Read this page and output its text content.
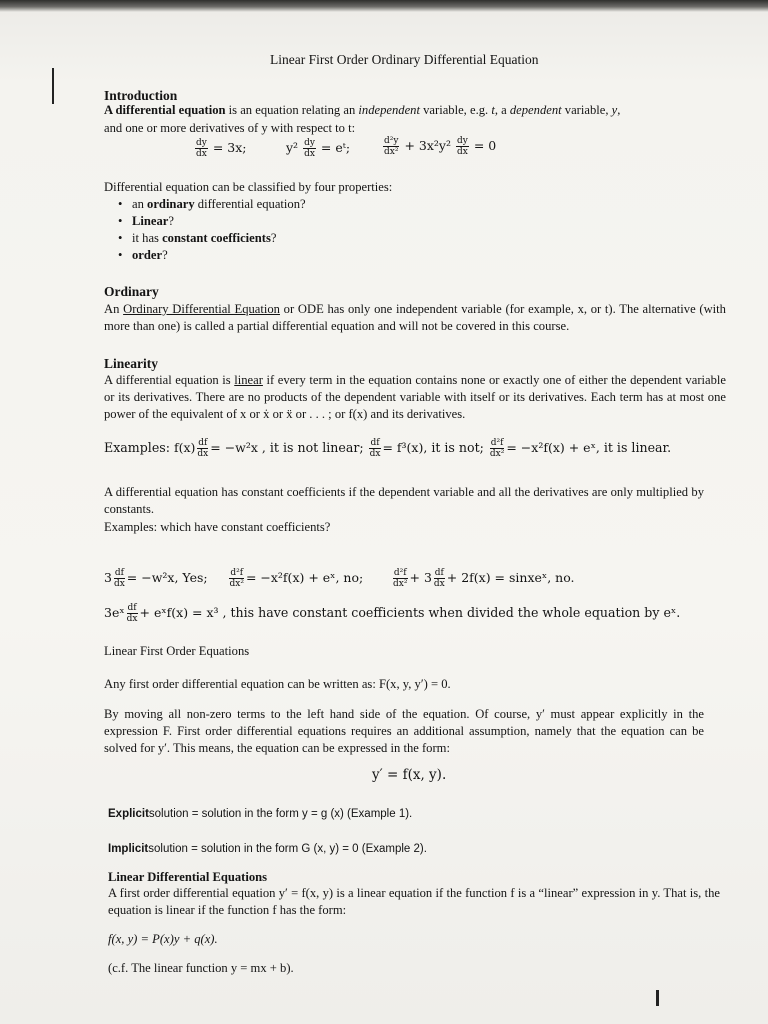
Linear First Order Ordinary Differential Equation
Introduction
A differential equation is an equation relating an independent variable, e.g. t, a dependent variable, y,
and one or more derivatives of y with respect to t:
$\frac{dy}{dx} = 3x$;	$y^2 \frac{dy}{dx}$ = eᵗ;	$\frac{\text{d²y}}{\text{dx²}} + 3x^2y^2 \frac{dy}{dx} = 0$
Differential equation can be classified by four properties:
• an ordinary differential equation?
• Linear?
• it has constant coefficients?
• order?
Ordinary
An Ordinary Differential Equation or ODE has only one independent variable (for example, x, or t). The alternative (with more than one) is called a partial differential equation and will not be covered in this course.
Linearity
A differential equation is linear if every term in the equation contains none or exactly one of either the dependent variable or its derivatives. There are no products of the dependent variable with itself or its derivatives. Each term has at most one power of the equivalent of x or ẋ or ẍ or . . . ; or f(x) and its derivatives.
Examples: $f(x) \frac{df}{dx} = -w^2x$ , it is not linear; $\frac{df}{dx} = f^3(x)$, it is not; $\frac{\text{d²f}}{\text{dx²}} = -x^2f(x)$ + eˣ, it is linear.
A differential equation has constant coefficients if the dependent variable and all the derivatives are only multiplied by constants.
Examples: which have constant coefficients?
$3 \frac{df}{dx} = -w^2x$, Yes; $\frac{\text{d²f}}{\text{dx²}} = -x^2f(x)$ + eˣ, no;	$\frac{\text{d²f}}{\text{dx²}} + 3 \frac{df}{dx} + 2f(x)$ = sinxeˣ, no.
3eˣ $\frac{df}{dx}$ + eˣf(x) = x³ , this have constant coefficients when divided the whole equation by eˣ.
Linear First Order Equations
Any first order differential equation can be written as: F(x, y, y′) = 0.
By moving all non-zero terms to the left hand side of the equation. Of course, y′ must appear explicitly in the expression F. First order differential equations requires an additional assumption, namely that the equation can be solved for y′. This means, the equation can be expressed in the form:
y′ = f(x, y).
Explicitsolution = solution in the form y = g (x) (Example 1).
Implicitsolution = solution in the form G (x, y) = 0 (Example 2).
Linear Differential Equations
A first order differential equation y′ = f(x, y) is a linear equation if the function f is a “linear” expression in y. That is, the equation is linear if the function f has the form:
f(x, y) = P(x)y + q(x).
(c.f. The linear function y = mx + b).
